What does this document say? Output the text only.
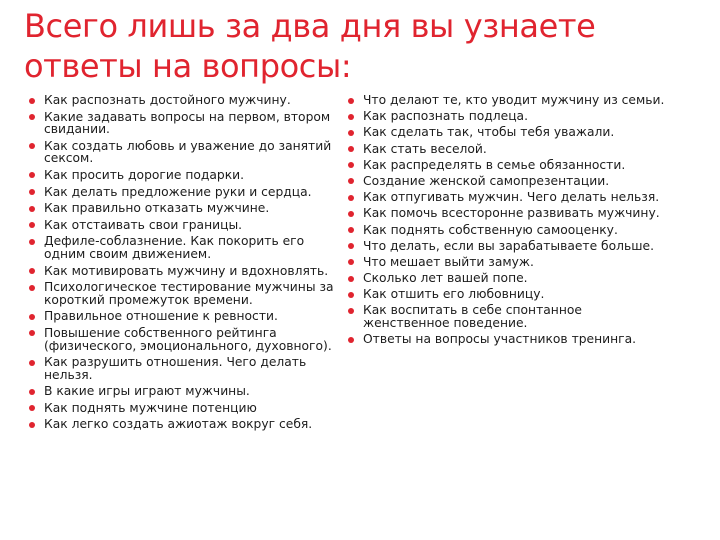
Всего лишь за два дня вы узнаете ответы на вопросы:
Как распознать достойного мужчину.
Какие задавать вопросы на первом, втором свидании.
Как создать любовь и уважение до занятий сексом.
Как просить дорогие подарки.
Как делать предложение руки и сердца.
Как правильно отказать мужчине.
Как отстаивать свои границы.
Дефиле-соблазнение. Как покорить его одним своим движением.
Как мотивировать мужчину и вдохновлять.
Психологическое тестирование мужчины за короткий промежуток времени.
Правильное отношение к ревности.
Повышение собственного рейтинга (физического, эмоционального, духовного).
Как разрушить отношения. Чего делать нельзя.
В какие игры играют мужчины.
Как поднять мужчине потенцию
Как легко создать ажиотаж вокруг себя.
Что делают те, кто уводит мужчину из семьи.
Как распознать подлеца.
Как сделать так, чтобы тебя уважали.
Как стать веселой.
Как распределять в семье обязанности.
Создание женской самопрезентации.
Как отпугивать мужчин. Чего делать нельзя.
Как помочь всесторонне развивать мужчину.
Как поднять собственную самооценку.
Что делать, если вы зарабатываете больше.
Что мешает выйти замуж.
Сколько лет вашей попе.
Как отшить его любовницу.
Как воспитать в себе спонтанное женственное поведение.
Ответы на вопросы участников тренинга.
